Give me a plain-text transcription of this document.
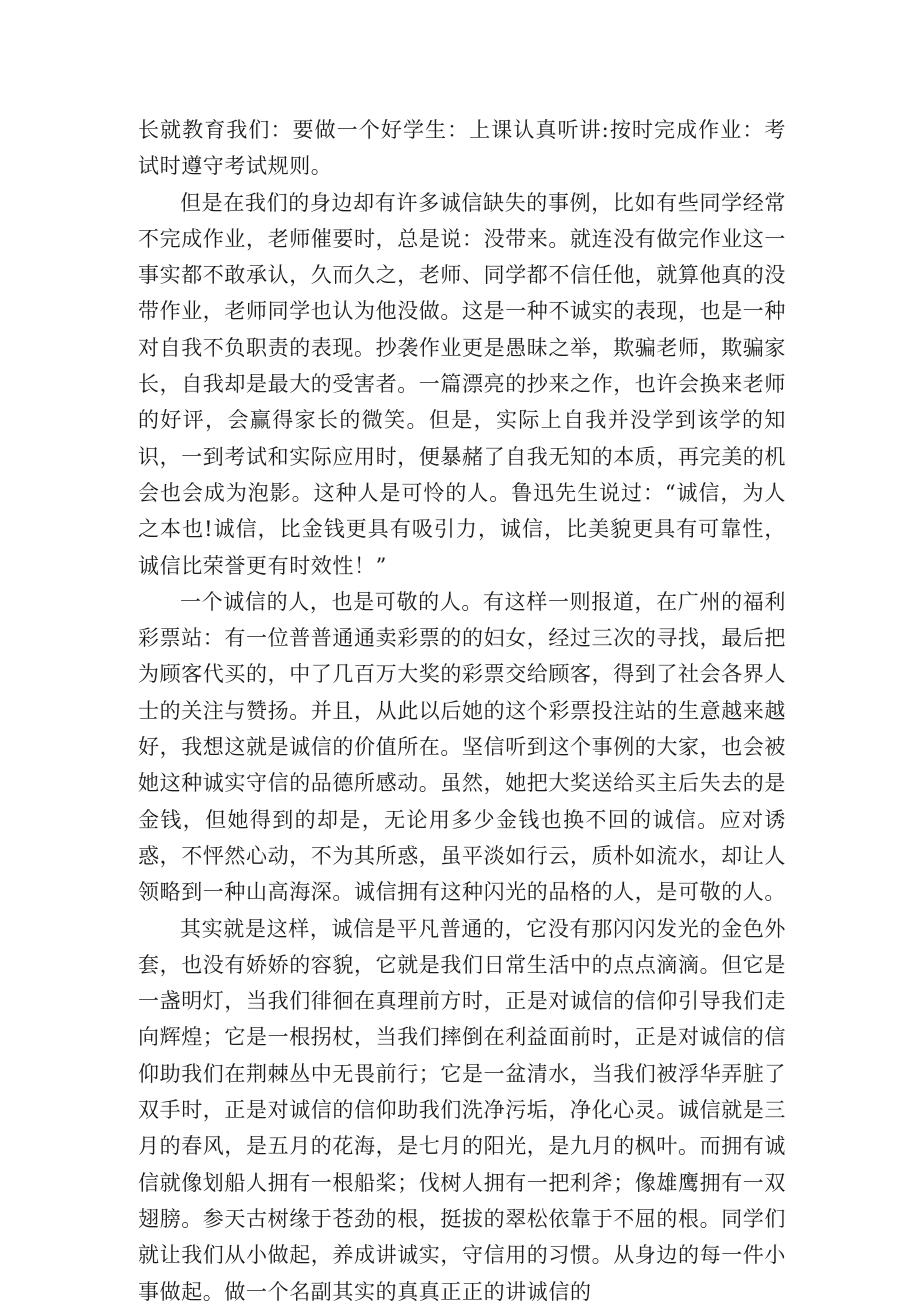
长就教育我们：要做一个好学生：上课认真听讲:按时完成作业：考试时遵守考试规则。

但是在我们的身边却有许多诚信缺失的事例，比如有些同学经常不完成作业，老师催要时，总是说：没带来。就连没有做完作业这一事实都不敢承认，久而久之，老师、同学都不信任他，就算他真的没带作业，老师同学也认为他没做。这是一种不诚实的表现，也是一种对自我不负职责的表现。抄袭作业更是愚昧之举，欺骗老师，欺骗家长，自我却是最大的受害者。一篇漂亮的抄来之作，也许会换来老师的好评，会赢得家长的微笑。但是，实际上自我并没学到该学的知识，一到考试和实际应用时，便暴赭了自我无知的本质，再完美的机会也会成为泡影。这种人是可怜的人。鲁迅先生说过：“诚信，为人之本也!诚信，比金钱更具有吸引力，诚信，比美貌更具有可靠性，诚信比荣誉更有时效性！”

一个诚信的人，也是可敬的人。有这样一则报道，在广州的福利彩票站：有一位普普通通卖彩票的的妇女，经过三次的寻找，最后把为顾客代买的，中了几百万大奖的彩票交给顾客，得到了社会各界人士的关注与赞扬。并且，从此以后她的这个彩票投注站的生意越来越好，我想这就是诚信的价值所在。坚信听到这个事例的大家，也会被她这种诚实守信的品德所感动。虽然，她把大奖送给买主后失去的是金钱，但她得到的却是，无论用多少金钱也换不回的诚信。应对诱惑，不怦然心动，不为其所惑，虽平淡如行云，质朴如流水，却让人领略到一种山高海深。诚信拥有这种闪光的品格的人，是可敬的人。

其实就是这样，诚信是平凡普通的，它没有那闪闪发光的金色外套，也没有娇娇的容貌，它就是我们日常生活中的点点滴滴。但它是一盏明灯，当我们徘徊在真理前方时，正是对诚信的信仰引导我们走向辉煌；它是一根拐杖，当我们摔倒在利益面前时，正是对诚信的信仰助我们在荆棘丛中无畏前行；它是一盆清水，当我们被浮华弄脏了双手时，正是对诚信的信仰助我们洗净污垢，净化心灵。诚信就是三月的春风，是五月的花海，是七月的阳光，是九月的枫叶。而拥有诚信就像划船人拥有一根船桨；伐树人拥有一把利斧；像雄鹰拥有一双翅膀。参天古树缘于苍劲的根，挺拔的翠松依靠于不屈的根。同学们就让我们从小做起，养成讲诚实，守信用的习惯。从身边的每一件小事做起。做一个名副其实的真真正正的讲诚信的
